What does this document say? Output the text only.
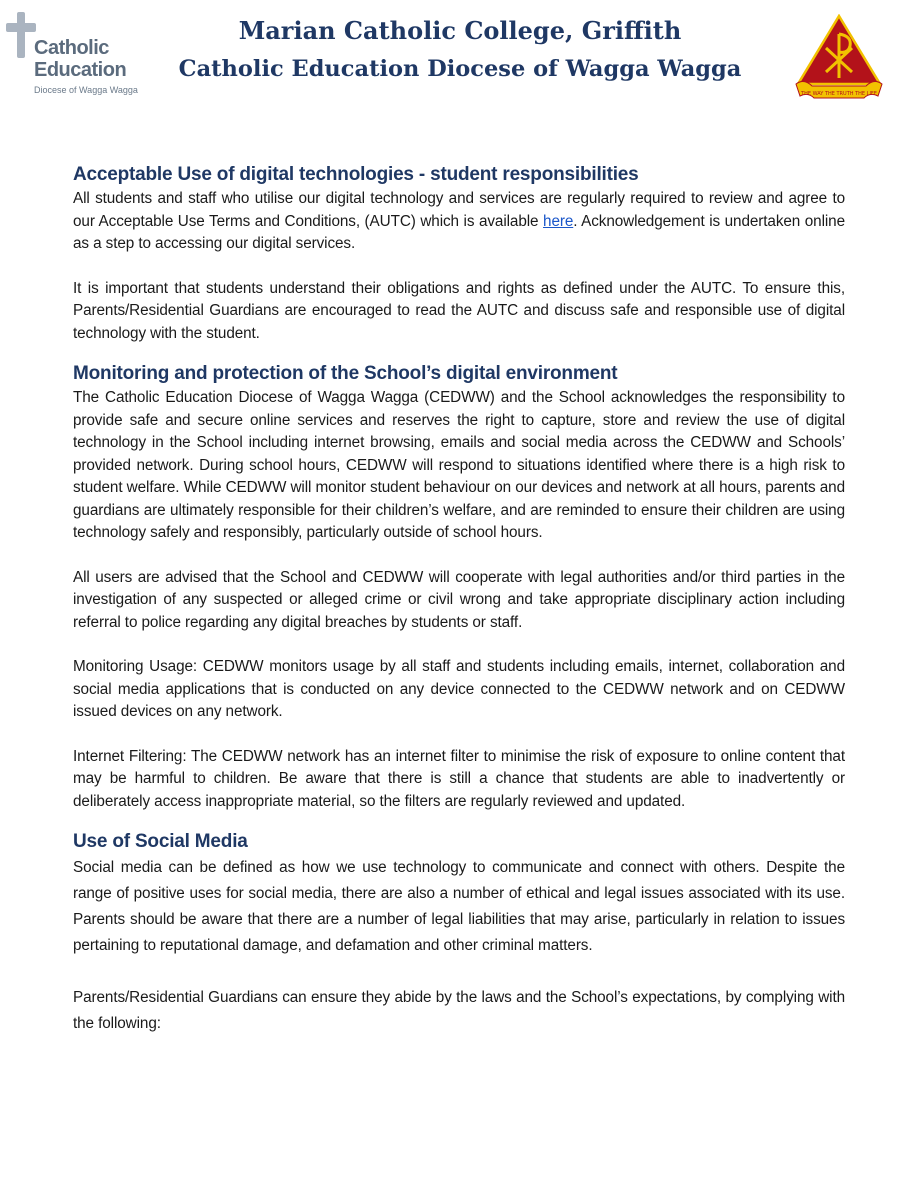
Catholic
Education
Diocese of Wagga Wagga
Marian Catholic College, Griffith
Catholic Education Diocese of Wagga Wagga
THE WAY THE TRUTH THE LIFE
Acceptable Use of digital technologies - student responsibilities

All students and staff who utilise our digital technology and services are regularly required to review and agree to our Acceptable Use Terms and Conditions, (AUTC) which is available here. Acknowledgement is undertaken online as a step to accessing our digital services.

It is important that students understand their obligations and rights as defined under the AUTC. To ensure this, Parents/Residential Guardians are encouraged to read the AUTC and discuss safe and responsible use of digital technology with the student.

Monitoring and protection of the School’s digital environment

The Catholic Education Diocese of Wagga Wagga (CEDWW) and the School acknowledges the responsibility to provide safe and secure online services and reserves the right to capture, store and review the use of digital technology in the School including internet browsing, emails and social media across the CEDWW and Schools’ provided network. During school hours, CEDWW will respond to situations identified where there is a high risk to student welfare. While CEDWW will monitor student behaviour on our devices and network at all hours, parents and guardians are ultimately responsible for their children’s welfare, and are reminded to ensure their children are using technology safely and responsibly, particularly outside of school hours.

All users are advised that the School and CEDWW will cooperate with legal authorities and/or third parties in the investigation of any suspected or alleged crime or civil wrong and take appropriate disciplinary action including referral to police regarding any digital breaches by students or staff.

Monitoring Usage: CEDWW monitors usage by all staff and students including emails, internet, collaboration and social media applications that is conducted on any device connected to the CEDWW network and on CEDWW issued devices on any network.

Internet Filtering: The CEDWW network has an internet filter to minimise the risk of exposure to online content that may be harmful to children. Be aware that there is still a chance that students are able to inadvertently or deliberately access inappropriate material, so the filters are regularly reviewed and updated.

Use of Social Media

Social media can be defined as how we use technology to communicate and connect with others. Despite the range of positive uses for social media, there are also a number of ethical and legal issues associated with its use. Parents should be aware that there are a number of legal liabilities that may arise, particularly in relation to issues pertaining to reputational damage, and defamation and other criminal matters.

Parents/Residential Guardians can ensure they abide by the laws and the School’s expectations, by complying with the following:
